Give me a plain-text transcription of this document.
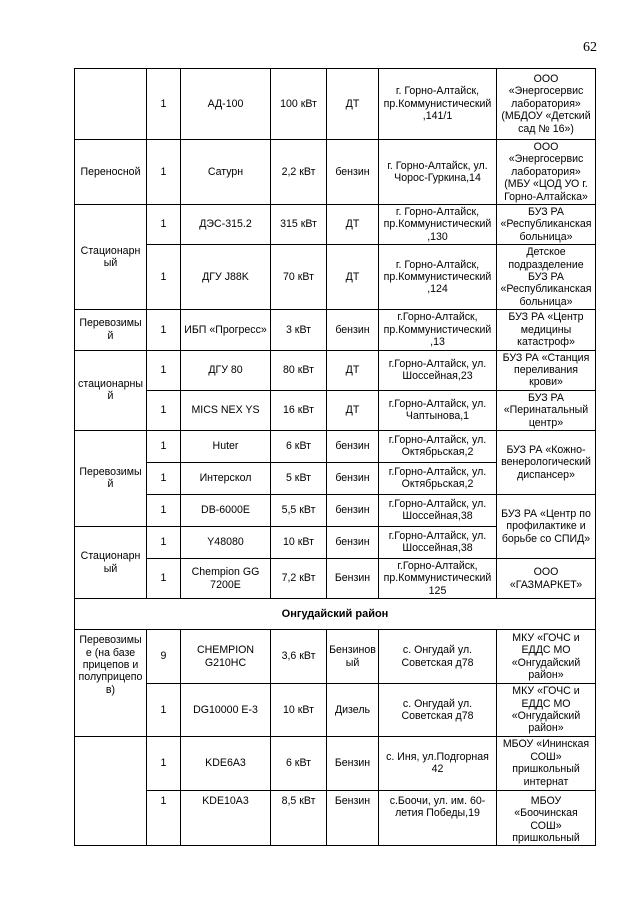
62
	1	АД-100	100 кВт	ДТ	г. Горно-Алтайск, пр.Коммунистический ,141/1	ООО «Энергосервис лаборатория» (МБДОУ «Детский сад № 16»)
Переносной	1	Сатурн	2,2 кВт	бензин	г. Горно-Алтайск, ул. Чорос-Гуркина,14	ООО «Энергосервис лаборатория» (МБУ «ЦОД УО г. Горно-Алтайска»
Стационарный	1	ДЭС-315.2	315 кВт	ДТ	г. Горно-Алтайск, пр.Коммунистический ,130	БУЗ РА «Республиканская больница»
	1	ДГУ J88K	70 кВт	ДТ	г. Горно-Алтайск, пр.Коммунистический ,124	Детское подразделение БУЗ РА «Республиканская больница»
Перевозимый	1	ИБП «Прогресс»	3 кВт	бензин	г.Горно-Алтайск, пр.Коммунистический ,13	БУЗ РА «Центр медицины катастроф»
стационарный	1	ДГУ 80	80 кВт	ДТ	г.Горно-Алтайск, ул. Шоссейная,23	БУЗ РА «Станция переливания крови»
	1	MICS NEX YS	16 кВт	ДТ	г.Горно-Алтайск, ул. Чаптынова,1	БУЗ РА «Перинатальный центр»
Перевозимый	1	Huter	6 кВт	бензин	г.Горно-Алтайск, ул. Октябрьская,2	БУЗ РА «Кожно-венерологический диспансер»
	1	Интерскол	5 кВт	бензин	г.Горно-Алтайск, ул. Октябрьская,2	
	1	DB-6000E	5,5 кВт	бензин	г.Горно-Алтайск, ул. Шоссейная,38	БУЗ РА «Центр по профилактике и борьбе со СПИД»
Стационарный	1	Y48080	10 кВт	бензин	г.Горно-Алтайск, ул. Шоссейная,38	
	1	Chempion GG 7200E	7,2 кВт	Бензин	г.Горно-Алтайск, пр.Коммунистический 125	ООО «ГАЗМАРКЕТ»
Онгудайский район						
Перевозимые (на базе прицепов и полуприцепов)	9	CHEMPION G210HC	3,6 кВт	Бензиновый	с. Онгудай ул. Советская д78	МКУ «ГОЧС и ЕДДС МО «Онгудайский район»
	1	DG10000 E-3	10 кВт	Дизель	с. Онгудай ул. Советская д78	МКУ «ГОЧС и ЕДДС МО «Онгудайский район»
	1	KDE6A3	6 кВт	Бензин	с. Иня, ул.Подгорная 42	МБОУ «Ининская СОШ» пришкольный интернат
	1	KDE10A3	8,5 кВт	Бензин	с.Боочи, ул. им. 60-летия Победы,19	МБОУ «Боочинская СОШ» пришкольный
